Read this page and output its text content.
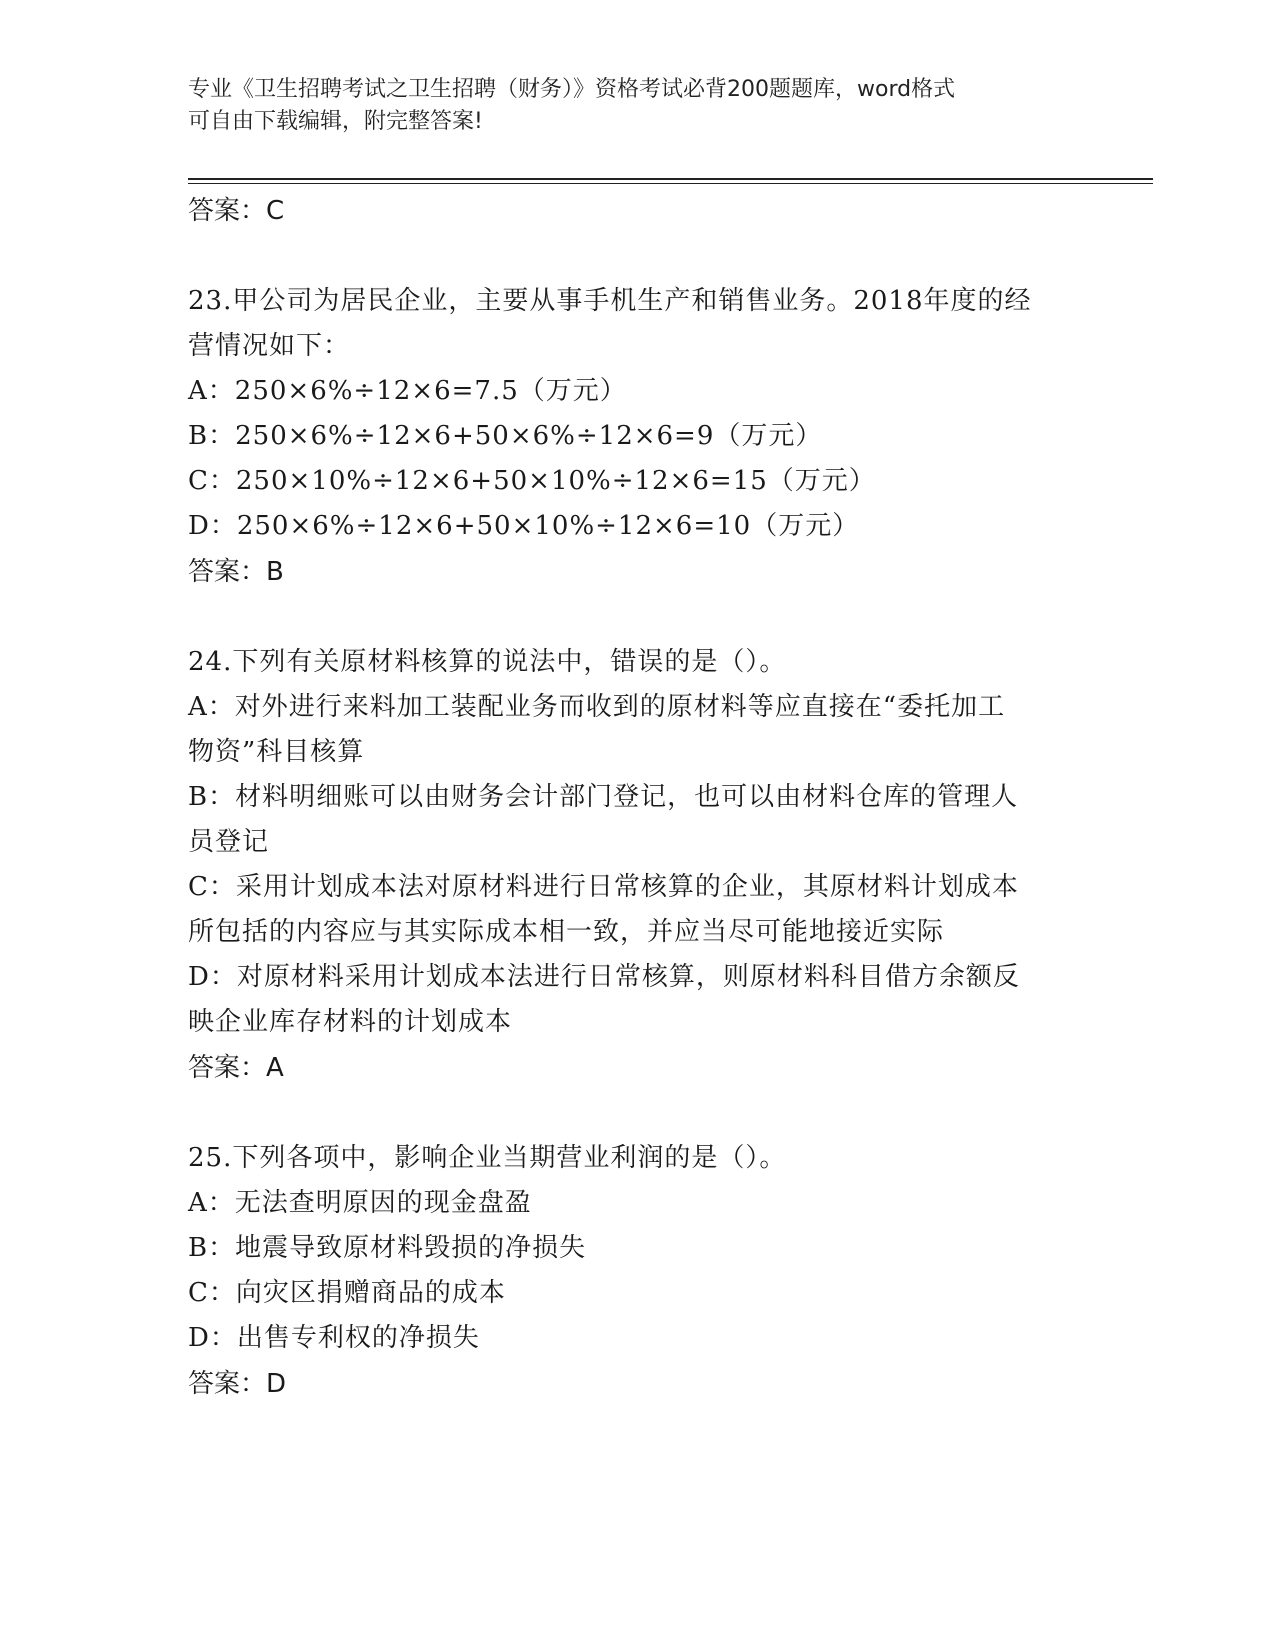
专业《卫生招聘考试之卫生招聘（财务）》资格考试必背200题题库，word格式
可自由下载编辑，附完整答案!
答案：C
23.甲公司为居民企业，主要从事手机生产和销售业务。2018年度的经
营情况如下：
A：250×6%÷12×6=7.5（万元）
B：250×6%÷12×6+50×6%÷12×6=9（万元）
C：250×10%÷12×6+50×10%÷12×6=15（万元）
D：250×6%÷12×6+50×10%÷12×6=10（万元）
答案：B
24.下列有关原材料核算的说法中，错误的是（）。
A：对外进行来料加工装配业务而收到的原材料等应直接在“委托加工
物资”科目核算
B：材料明细账可以由财务会计部门登记，也可以由材料仓库的管理人
员登记
C：采用计划成本法对原材料进行日常核算的企业，其原材料计划成本
所包括的内容应与其实际成本相一致，并应当尽可能地接近实际
D：对原材料采用计划成本法进行日常核算，则原材料科目借方余额反
映企业库存材料的计划成本
答案：A
25.下列各项中，影响企业当期营业利润的是（）。
A：无法查明原因的现金盘盈
B：地震导致原材料毁损的净损失
C：向灾区捐赠商品的成本
D：出售专利权的净损失
答案：D
